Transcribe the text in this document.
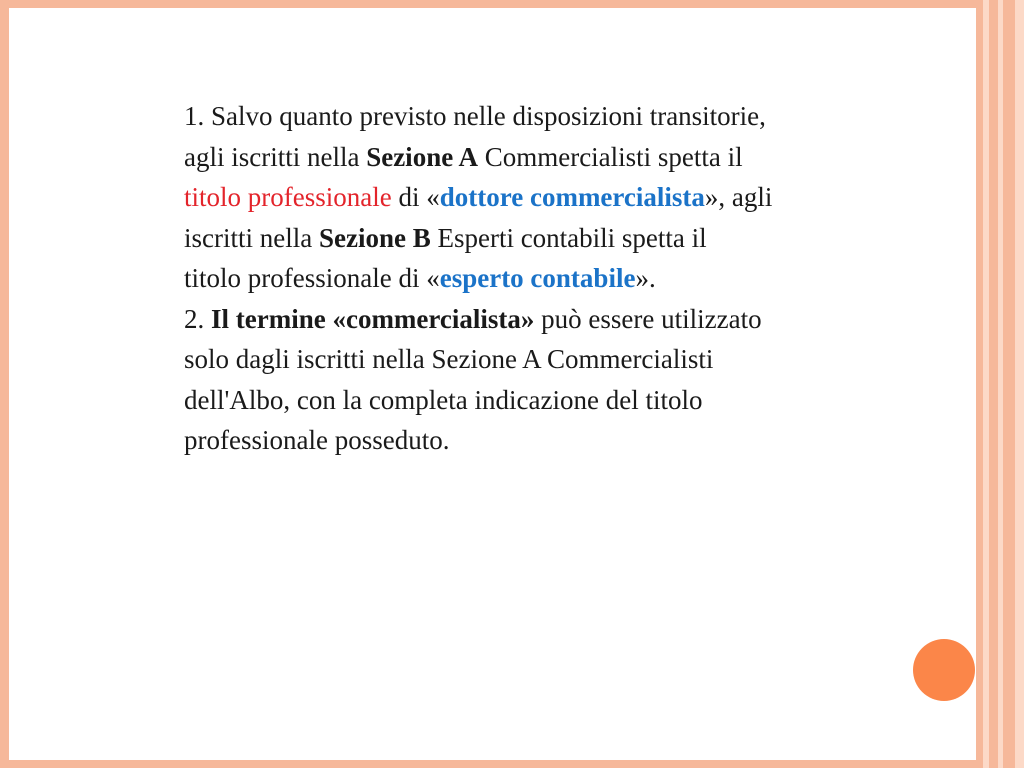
1. Salvo quanto previsto nelle disposizioni transitorie,
agli iscritti nella Sezione A Commercialisti spetta il
titolo professionale di «dottore commercialista», agli
iscritti nella Sezione B Esperti contabili spetta il
titolo professionale di «esperto contabile».
2. Il termine «commercialista» può essere utilizzato
solo dagli iscritti nella Sezione A Commercialisti
dell'Albo, con la completa indicazione del titolo
professionale posseduto.
